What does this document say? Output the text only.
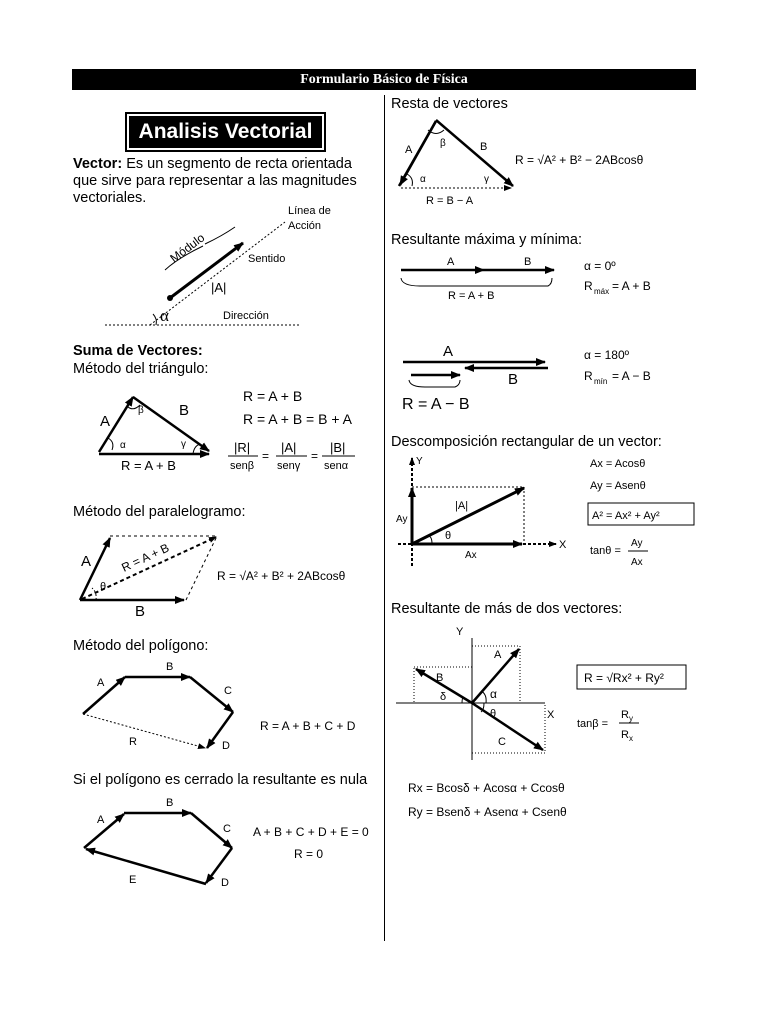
Formulario Básico de Física
Analisis Vectorial
Vector: Es un segmento de recta orientada que sirve para representar a las magnitudes vectoriales.
Suma de Vectores:
Método del triángulo:
Método del paralelogramo:
Método del polígono:
Si el polígono es cerrado la resultante es nula
Resta de vectores
Resultante máxima y mínima:
Descomposición rectangular de un vector:
Resultante de más de dos vectores:
α	Dirección
Sentido
Línea de
Acción
|A|
Módulo
A
B
β
α	γ
R = A + B
R = A + B
R = A + B = B + A
|R|
senβ
=
|A|
senγ
=
|B|
senα
A
B
θ
R = A + B
R = √A² + B² + 2ABcosθ
A
B
C
D
R
R = A + B + C + D
A
B
C
D
E
A + B + C + D + E = 0
R = 0
A	B
β
α	γ
R = B − A
R = √A² + B² − 2ABcosθ
A	B
R = A + B
α = 0º
R máx = A + B
A
B
R = A − B
α = 180º
R mín = A − B
Y
X
|A|
Ay
Ax
θ
Ax = Acosθ
Ay = Asenθ
A² = Ax² + Ay²
tanθ =
Ay
Ax
Y
X
A
B
C
α
θ
δ
R = √Rx² + Ry²
tanβ =
$R_y$
$R_x$
Rx = Bcosδ + Acosα + Ccosθ
Ry = Bsenδ + Asenα + Csenθ
